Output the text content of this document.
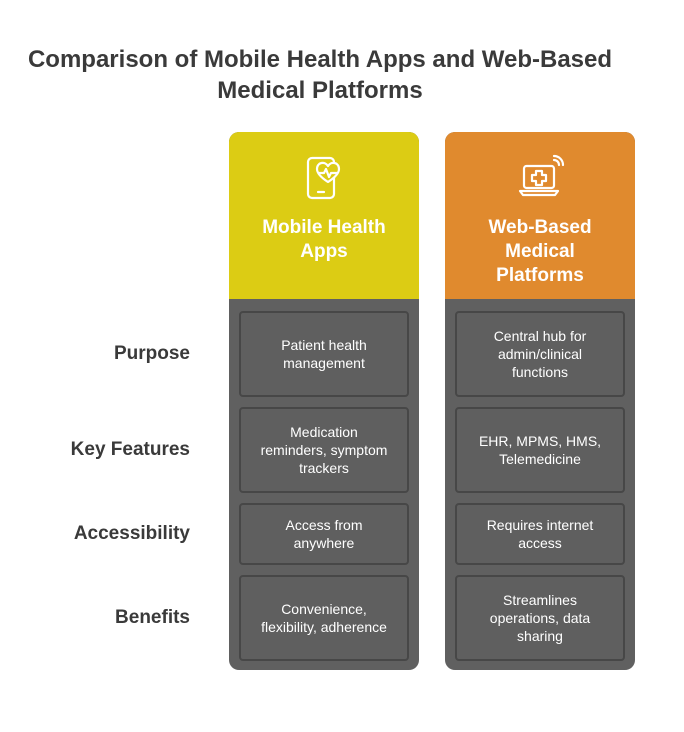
Comparison of Mobile Health Apps and Web-Based
Medical Platforms
Purpose
Key Features
Accessibility
Benefits
Mobile Health
Apps
Patient health
management
Medication
reminders, symptom
trackers
Access from
anywhere
Convenience,
flexibility, adherence
Web-Based
Medical
Platforms
Central hub for
admin/clinical
functions
EHR, MPMS, HMS,
Telemedicine
Requires internet
access
Streamlines
operations, data
sharing
